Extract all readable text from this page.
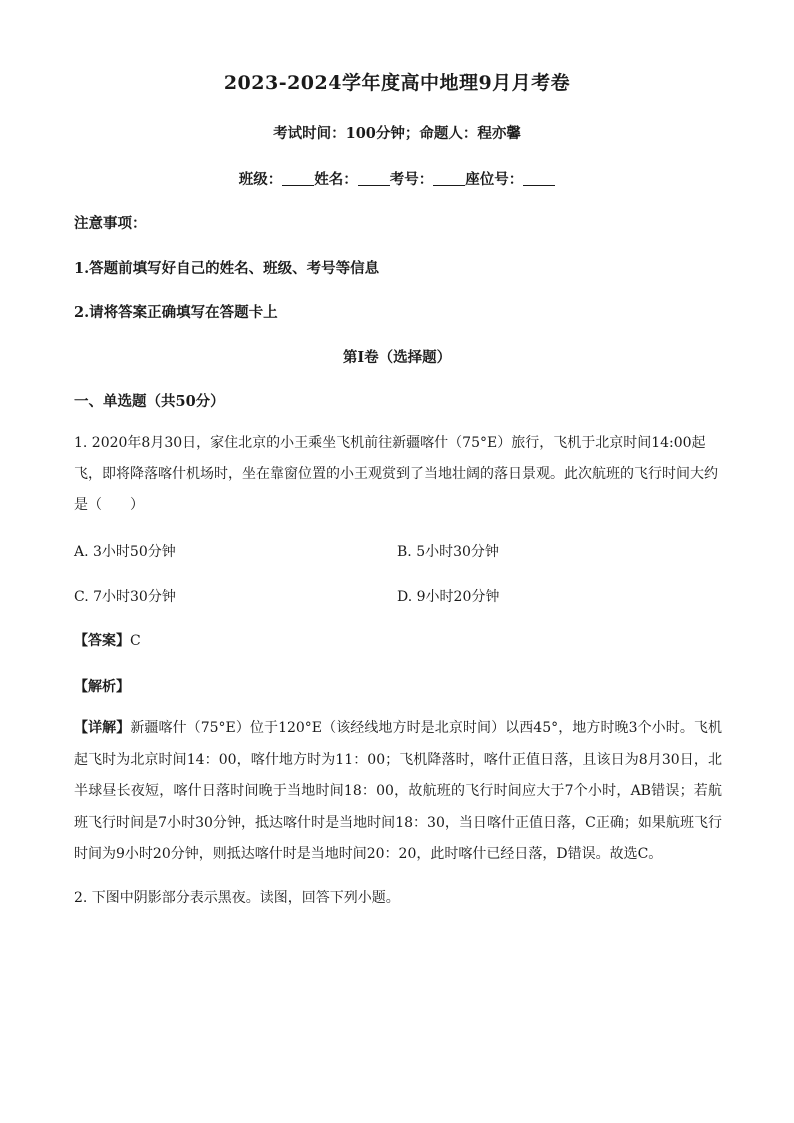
2023-2024学年度高中地理9月月考卷
考试时间：100分钟；命题人：程亦馨
班级： 姓名： 考号： 座位号：
注意事项：
1.答题前填写好自己的姓名、班级、考号等信息
2.请将答案正确填写在答题卡上
第I卷（选择题）
一、单选题（共50分）
1. 2020年8月30日，家住北京的小王乘坐飞机前往新疆喀什（75°E）旅行，飞机于北京时间14:00起飞，即将降落喀什机场时，坐在靠窗位置的小王观赏到了当地壮阔的落日景观。此次航班的飞行时间大约是（　　）
A. 3小时50分钟	B. 5小时30分钟
C. 7小时30分钟	D. 9小时20分钟
【答案】C
【解析】
【详解】新疆喀什（75°E）位于120°E（该经线地方时是北京时间）以西45°，地方时晚3个小时。飞机起飞时为北京时间14：00，喀什地方时为11：00；飞机降落时，喀什正值日落，且该日为8月30日，北半球昼长夜短，喀什日落时间晚于当地时间18：00，故航班的飞行时间应大于7个小时，AB错误；若航班飞行时间是7小时30分钟，抵达喀什时是当地时间18：30，当日喀什正值日落，C正确；如果航班飞行时间为9小时20分钟，则抵达喀什时是当地时间20：20，此时喀什已经日落，D错误。故选C。
2. 下图中阴影部分表示黑夜。读图，回答下列小题。
